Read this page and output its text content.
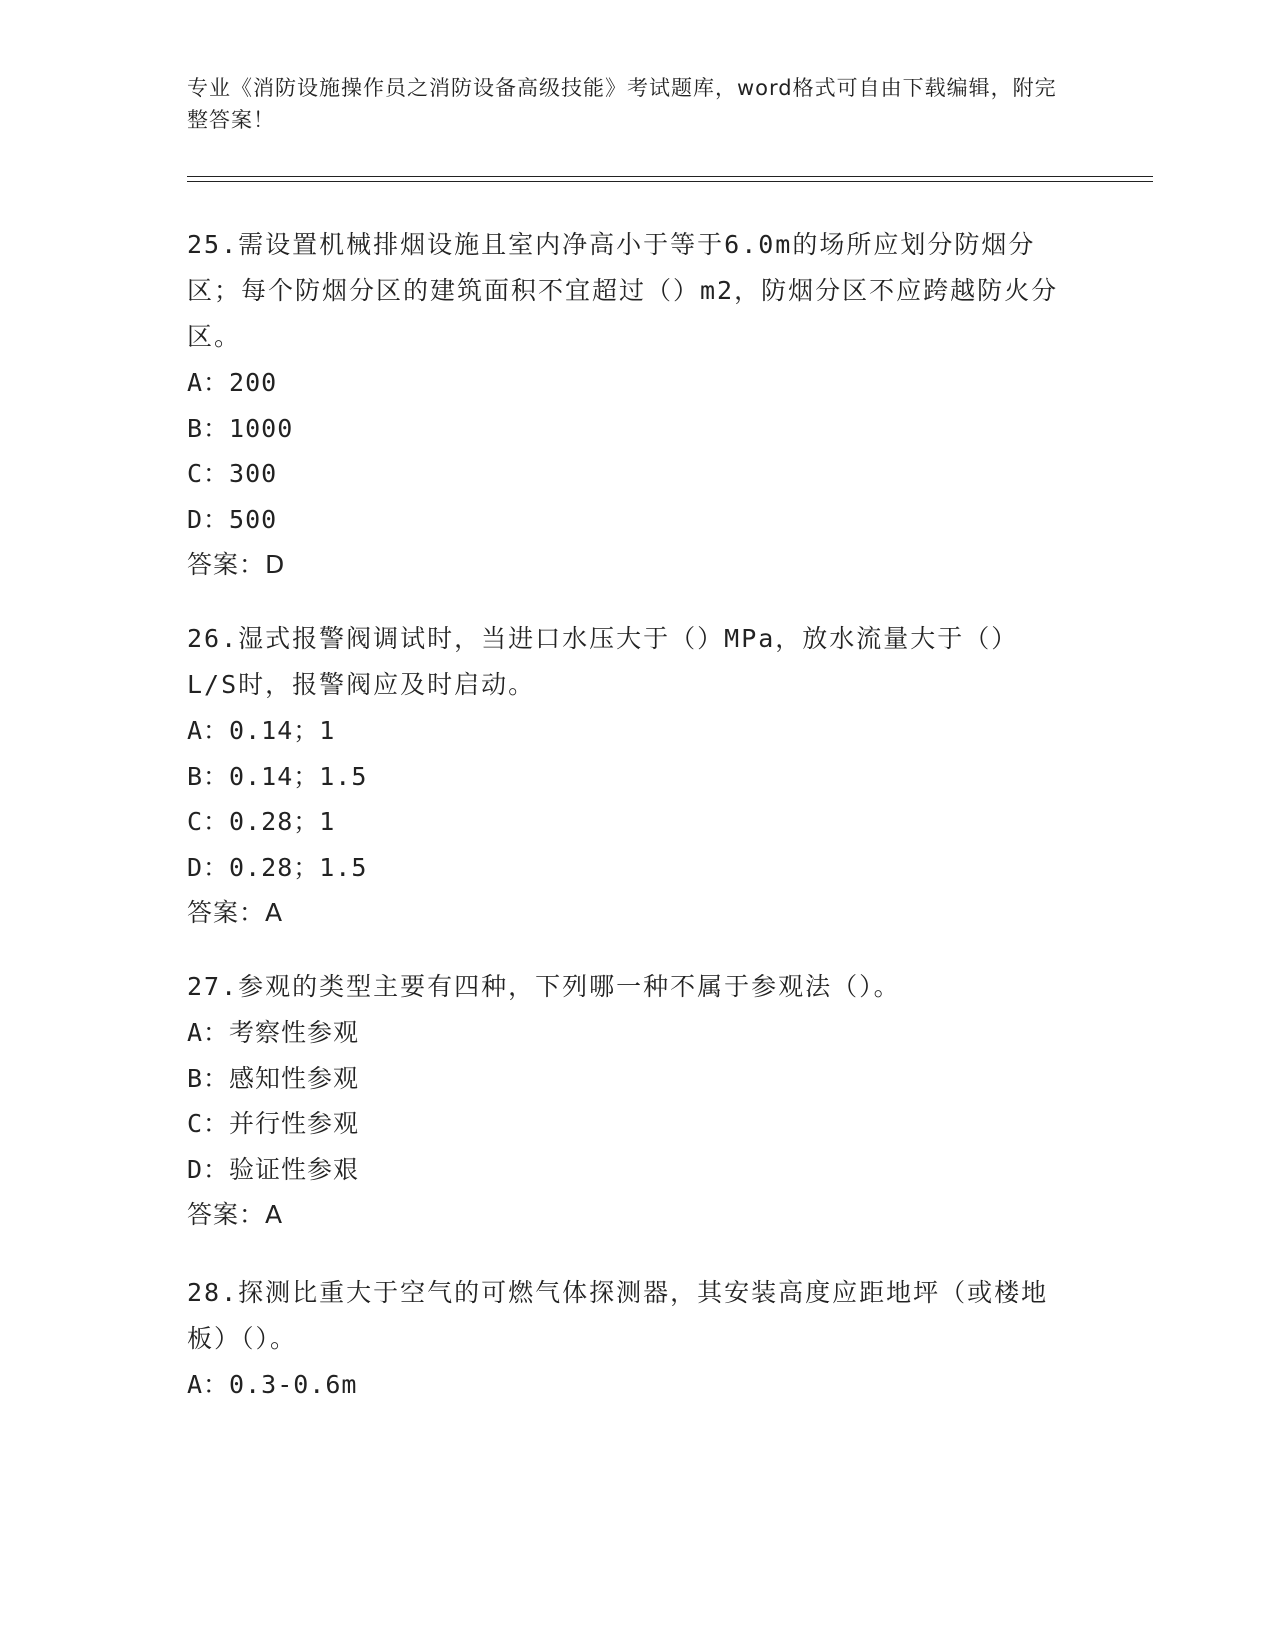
专业《消防设施操作员之消防设备高级技能》考试题库，word格式可自由下载编辑，附完整答案！

25.需设置机械排烟设施且室内净高小于等于6.0m的场所应划分防烟分区；每个防烟分区的建筑面积不宜超过（）m2，防烟分区不应跨越防火分区。

A：200

B：1000

C：300

D：500

答案：D

26.湿式报警阀调试时，当进口水压大于（）MPa，放水流量大于（）L/S时，报警阀应及时启动。

A：0.14；1

B：0.14；1.5

C：0.28；1

D：0.28；1.5

答案：A

27.参观的类型主要有四种，下列哪一种不属于参观法（）。

A：考察性参观

B：感知性参观

C：并行性参观

D：验证性参艰

答案：A

28.探测比重大于空气的可燃气体探测器，其安装高度应距地坪（或楼地板）（）。

A：0.3-0.6m
